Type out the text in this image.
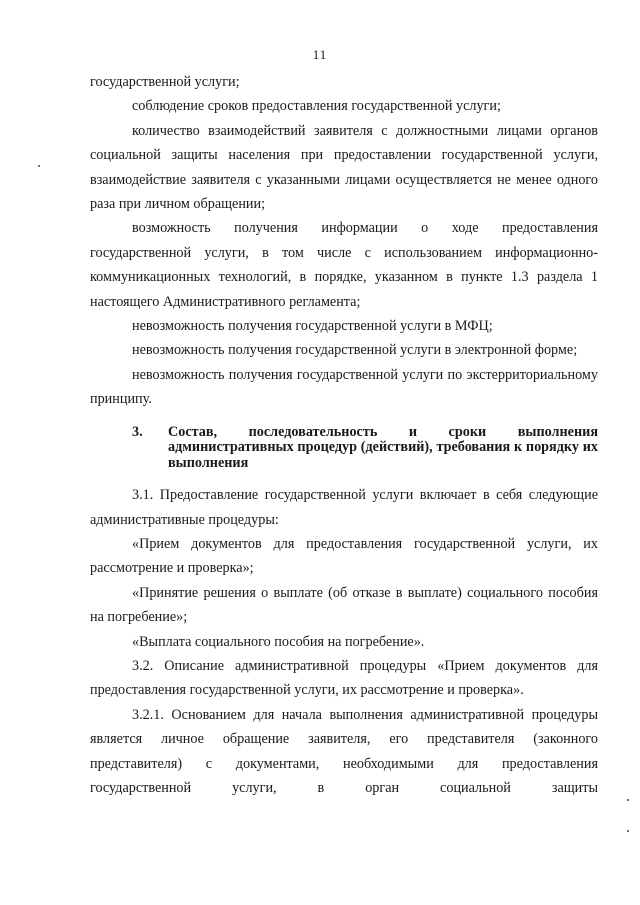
11

государственной услуги;

соблюдение сроков предоставления государственной услуги;

количество взаимодействий заявителя с должностными лицами органов социальной защиты населения при предоставлении государственной услуги, взаимодействие заявителя с указанными лицами осуществляется не менее одного раза при личном обращении;

возможность получения информации о ходе предоставления государственной услуги, в том числе с использованием информационно-коммуникационных технологий, в порядке, указанном в пункте 1.3 раздела 1 настоящего Административного регламента;

невозможность получения государственной услуги в МФЦ;

невозможность получения государственной услуги в электронной форме;

невозможность получения государственной услуги по экстерриториальному принципу.

3.	Состав, последовательность и сроки выполнения административных процедур (действий), требования к порядку их выполнения

3.1. Предоставление государственной услуги включает в себя следующие административные процедуры:

«Прием документов для предоставления государственной услуги, их рассмотрение и проверка»;

«Принятие решения о выплате (об отказе в выплате) социального пособия на погребение»;

«Выплата социального пособия на погребение».

3.2. Описание административной процедуры «Прием документов для предоставления государственной услуги, их рассмотрение и проверка».

3.2.1. Основанием для начала выполнения административной процедуры является личное обращение заявителя, его представителя (законного представителя) с документами, необходимыми для предоставления государственной услуги, в орган социальной защиты
